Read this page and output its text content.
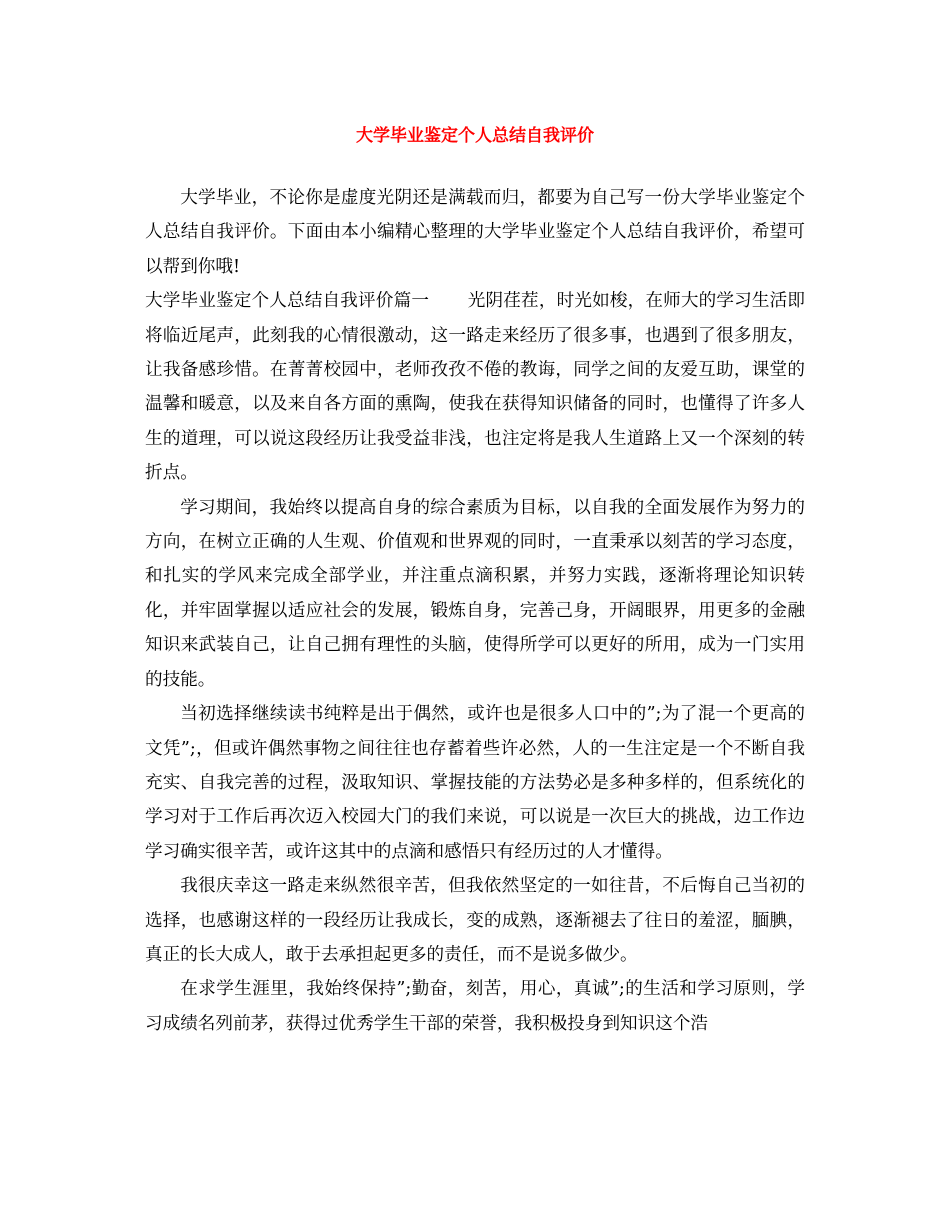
大学毕业鉴定个人总结自我评价

大学毕业，不论你是虚度光阴还是满载而归，都要为自己写一份大学毕业鉴定个人总结自我评价。下面由本小编精心整理的大学毕业鉴定个人总结自我评价，希望可以帮到你哦!

大学毕业鉴定个人总结自我评价篇一 光阴荏茬，时光如梭，在师大的学习生活即将临近尾声，此刻我的心情很激动，这一路走来经历了很多事，也遇到了很多朋友，让我备感珍惜。在菁菁校园中，老师孜孜不倦的教诲，同学之间的友爱互助，课堂的温馨和暖意，以及来自各方面的熏陶，使我在获得知识储备的同时，也懂得了许多人生的道理，可以说这段经历让我受益非浅，也注定将是我人生道路上又一个深刻的转折点。

学习期间，我始终以提高自身的综合素质为目标，以自我的全面发展作为努力的方向，在树立正确的人生观、价值观和世界观的同时，一直秉承以刻苦的学习态度，和扎实的学风来完成全部学业，并注重点滴积累，并努力实践，逐渐将理论知识转化，并牢固掌握以适应社会的发展，锻炼自身，完善己身，开阔眼界，用更多的金融知识来武装自己，让自己拥有理性的头脑，使得所学可以更好的所用，成为一门实用的技能。

当初选择继续读书纯粹是出于偶然，或许也是很多人口中的”;为了混一个更高的文凭”;，但或许偶然事物之间往往也存蓄着些许必然，人的一生注定是一个不断自我充实、自我完善的过程，汲取知识、掌握技能的方法势必是多种多样的，但系统化的学习对于工作后再次迈入校园大门的我们来说，可以说是一次巨大的挑战，边工作边学习确实很辛苦，或许这其中的点滴和感悟只有经历过的人才懂得。

我很庆幸这一路走来纵然很辛苦，但我依然坚定的一如往昔，不后悔自己当初的选择，也感谢这样的一段经历让我成长，变的成熟，逐渐褪去了往日的羞涩，腼腆，真正的长大成人，敢于去承担起更多的责任，而不是说多做少。

在求学生涯里，我始终保持”;勤奋，刻苦，用心，真诚”;的生活和学习原则，学习成绩名列前茅，获得过优秀学生干部的荣誉，我积极投身到知识这个浩
